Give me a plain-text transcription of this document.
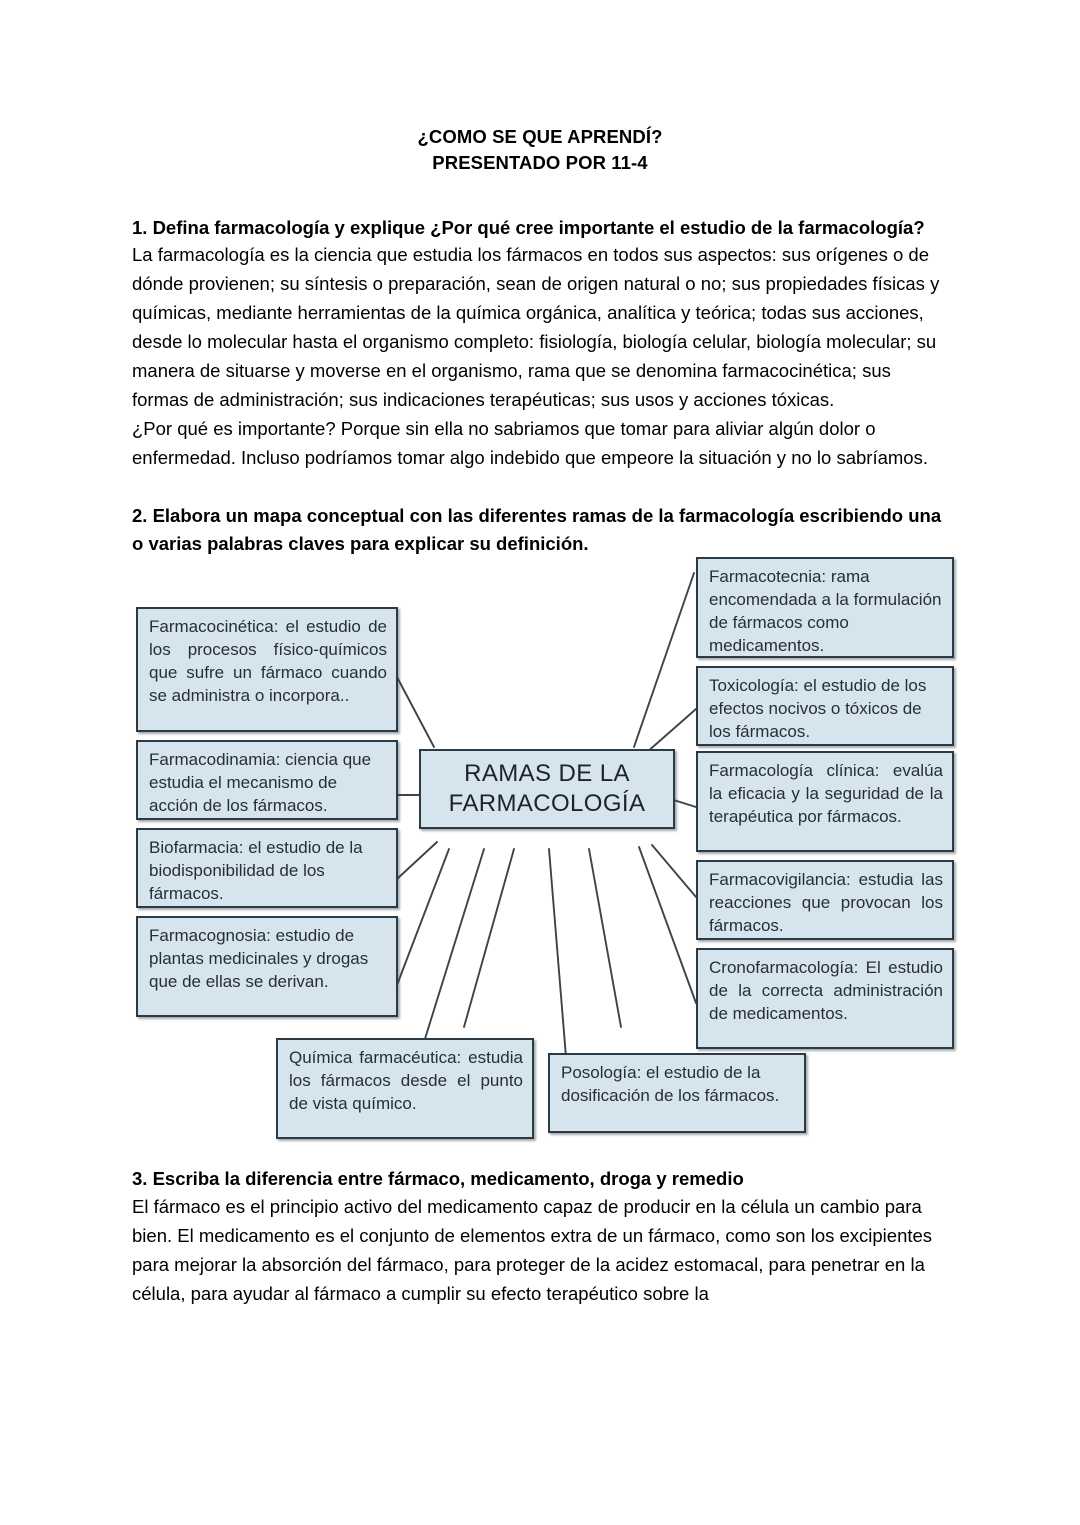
¿COMO SE QUE APRENDÍ?
PRESENTADO POR 11-4

1. Defina farmacología y explique ¿Por qué cree importante el estudio de la farmacología?

La farmacología es la ciencia que estudia los fármacos en todos sus aspectos: sus orígenes o de dónde provienen; su síntesis o preparación, sean de origen natural o no; sus propiedades físicas y químicas, mediante herramientas de la química orgánica, analítica y teórica; todas sus acciones, desde lo molecular hasta el organismo completo: fisiología, biología celular, biología molecular; su manera de situarse y moverse en el organismo, rama que se denomina farmacocinética; sus formas de administración; sus indicaciones terapéuticas; sus usos y acciones tóxicas.

¿Por qué es importante? Porque sin ella no sabriamos que tomar para aliviar algún dolor o enfermedad. Incluso podríamos tomar algo indebido que empeore la situación y no lo sabríamos.

2. Elabora un mapa conceptual con las diferentes ramas de la farmacología escribiendo una o varias palabras claves para explicar su definición.

Farmacocinética: el estudio de los procesos físico-químicos que sufre un fármaco cuando se administra o incorpora..
Farmacodinamia: ciencia que estudia el mecanismo de acción de los fármacos.
Biofarmacia: el estudio de la biodisponibilidad de los fármacos.
Farmacognosia: estudio de plantas medicinales y drogas que de ellas se derivan.
RAMAS DE LA
FARMACOLOGÍA
Farmacotecnia: rama encomendada a la formulación de fármacos como medicamentos.
Toxicología: el estudio de los efectos nocivos o tóxicos de los fármacos.
Farmacología clínica: evalúa la eficacia y la seguridad de la terapéutica por fármacos.
Farmacovigilancia: estudia las reacciones que provocan los fármacos.
Cronofarmacología: El estudio de la correcta administración de medicamentos.
Química farmacéutica: estudia los fármacos desde el punto de vista químico.
Posología: el estudio de la dosificación de los fármacos.

3. Escriba la diferencia entre fármaco, medicamento, droga y remedio

El fármaco es el principio activo del medicamento capaz de producir en la célula un cambio para bien. El medicamento es el conjunto de elementos extra de un fármaco, como son los excipientes para mejorar la absorción del fármaco, para proteger de la acidez estomacal, para penetrar en la célula, para ayudar al fármaco a cumplir su efecto terapéutico sobre la
